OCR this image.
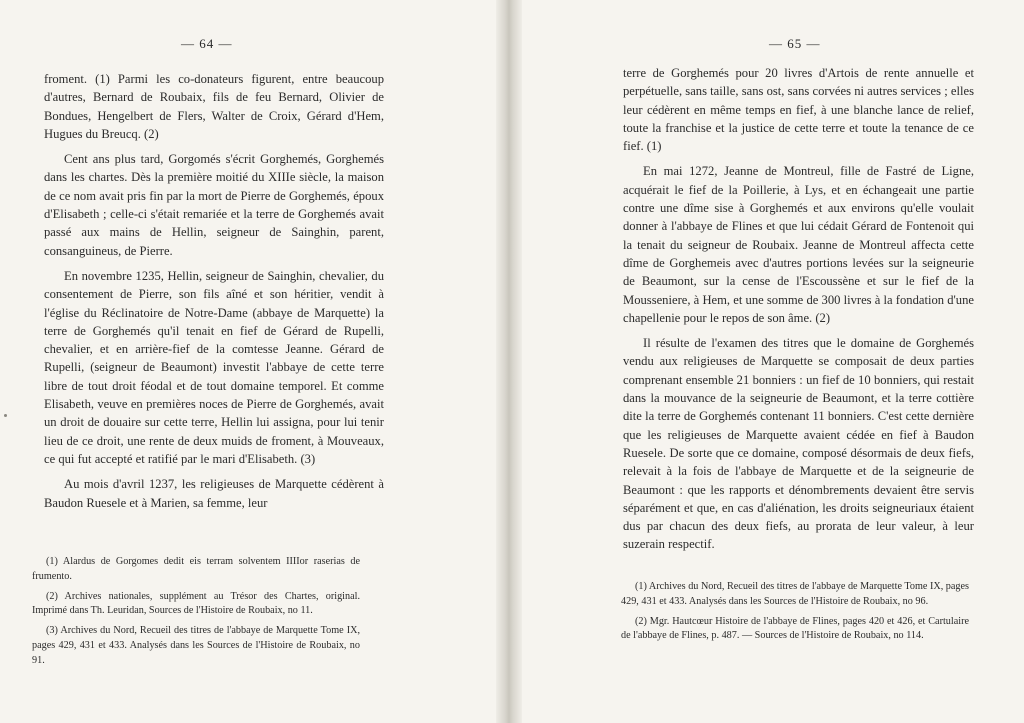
— 64 —

froment. (1) Parmi les co-donateurs figurent, entre beaucoup d'autres, Bernard de Roubaix, fils de feu Bernard, Olivier de Bondues, Hengelbert de Flers, Walter de Croix, Gérard d'Hem, Hugues du Breucq. (2)

Cent ans plus tard, Gorgomés s'écrit Gorghemés, Gorghemés dans les chartes. Dès la première moitié du XIIIe siècle, la maison de ce nom avait pris fin par la mort de Pierre de Gorghemés, époux d'Elisabeth ; celle-ci s'était remariée et la terre de Gorghemés avait passé aux mains de Hellin, seigneur de Sainghin, parent, consanguineus, de Pierre.

En novembre 1235, Hellin, seigneur de Sainghin, chevalier, du consentement de Pierre, son fils aîné et son héritier, vendit à l'église du Réclinatoire de Notre-Dame (abbaye de Marquette) la terre de Gorghemés qu'il tenait en fief de Gérard de Rupelli, chevalier, et en arrière-fief de la comtesse Jeanne. Gérard de Rupelli, (seigneur de Beaumont) investit l'abbaye de cette terre libre de tout droit féodal et de tout domaine temporel. Et comme Elisabeth, veuve en premières noces de Pierre de Gorghemés, avait un droit de douaire sur cette terre, Hellin lui assigna, pour lui tenir lieu de ce droit, une rente de deux muids de froment, à Mouveaux, ce qui fut accepté et ratifié par le mari d'Elisabeth. (3)

Au mois d'avril 1237, les religieuses de Marquette cédèrent à Baudon Ruesele et à Marien, sa femme, leur

(1) Alardus de Gorgomes dedit eis terram solventem IIIIor raserias de frumento.

(2) Archives nationales, supplément au Trésor des Chartes, original. Imprimé dans Th. Leuridan, Sources de l'Histoire de Roubaix, no 11.

(3) Archives du Nord, Recueil des titres de l'abbaye de Marquette Tome IX, pages 429, 431 et 433. Analysés dans les Sources de l'Histoire de Roubaix, no 91.

— 65 —

terre de Gorghemés pour 20 livres d'Artois de rente annuelle et perpétuelle, sans taille, sans ost, sans corvées ni autres services ; elles leur cédèrent en même temps en fief, à une blanche lance de relief, toute la franchise et la justice de cette terre et toute la tenance de ce fief. (1)

En mai 1272, Jeanne de Montreul, fille de Fastré de Ligne, acquérait le fief de la Poillerie, à Lys, et en échangeait une partie contre une dîme sise à Gorghemés et aux environs qu'elle voulait donner à l'abbaye de Flines et que lui cédait Gérard de Fontenoit qui la tenait du seigneur de Roubaix. Jeanne de Montreul affecta cette dîme de Gorghemeis avec d'autres portions levées sur la seigneurie de Beaumont, sur la cense de l'Escoussène et sur le fief de la Mousseniere, à Hem, et une somme de 300 livres à la fondation d'une chapellenie pour le repos de son âme. (2)

Il résulte de l'examen des titres que le domaine de Gorghemés vendu aux religieuses de Marquette se composait de deux parties comprenant ensemble 21 bonniers : un fief de 10 bonniers, qui restait dans la mouvance de la seigneurie de Beaumont, et la terre cottière dite la terre de Gorghemés contenant 11 bonniers. C'est cette dernière que les religieuses de Marquette avaient cédée en fief à Baudon Ruesele. De sorte que ce domaine, composé désormais de deux fiefs, relevait à la fois de l'abbaye de Marquette et de la seigneurie de Beaumont : que les rapports et dénombrements devaient être servis séparément et que, en cas d'aliénation, les droits seigneuriaux étaient dus par chacun des deux fiefs, au prorata de leur valeur, à leur suzerain respectif.

(1) Archives du Nord, Recueil des titres de l'abbaye de Marquette Tome IX, pages 429, 431 et 433. Analysés dans les Sources de l'Histoire de Roubaix, no 96.

(2) Mgr. Hautcœur Histoire de l'abbaye de Flines, pages 420 et 426, et Cartulaire de l'abbaye de Flines, p. 487. — Sources de l'Histoire de Roubaix, no 114.
